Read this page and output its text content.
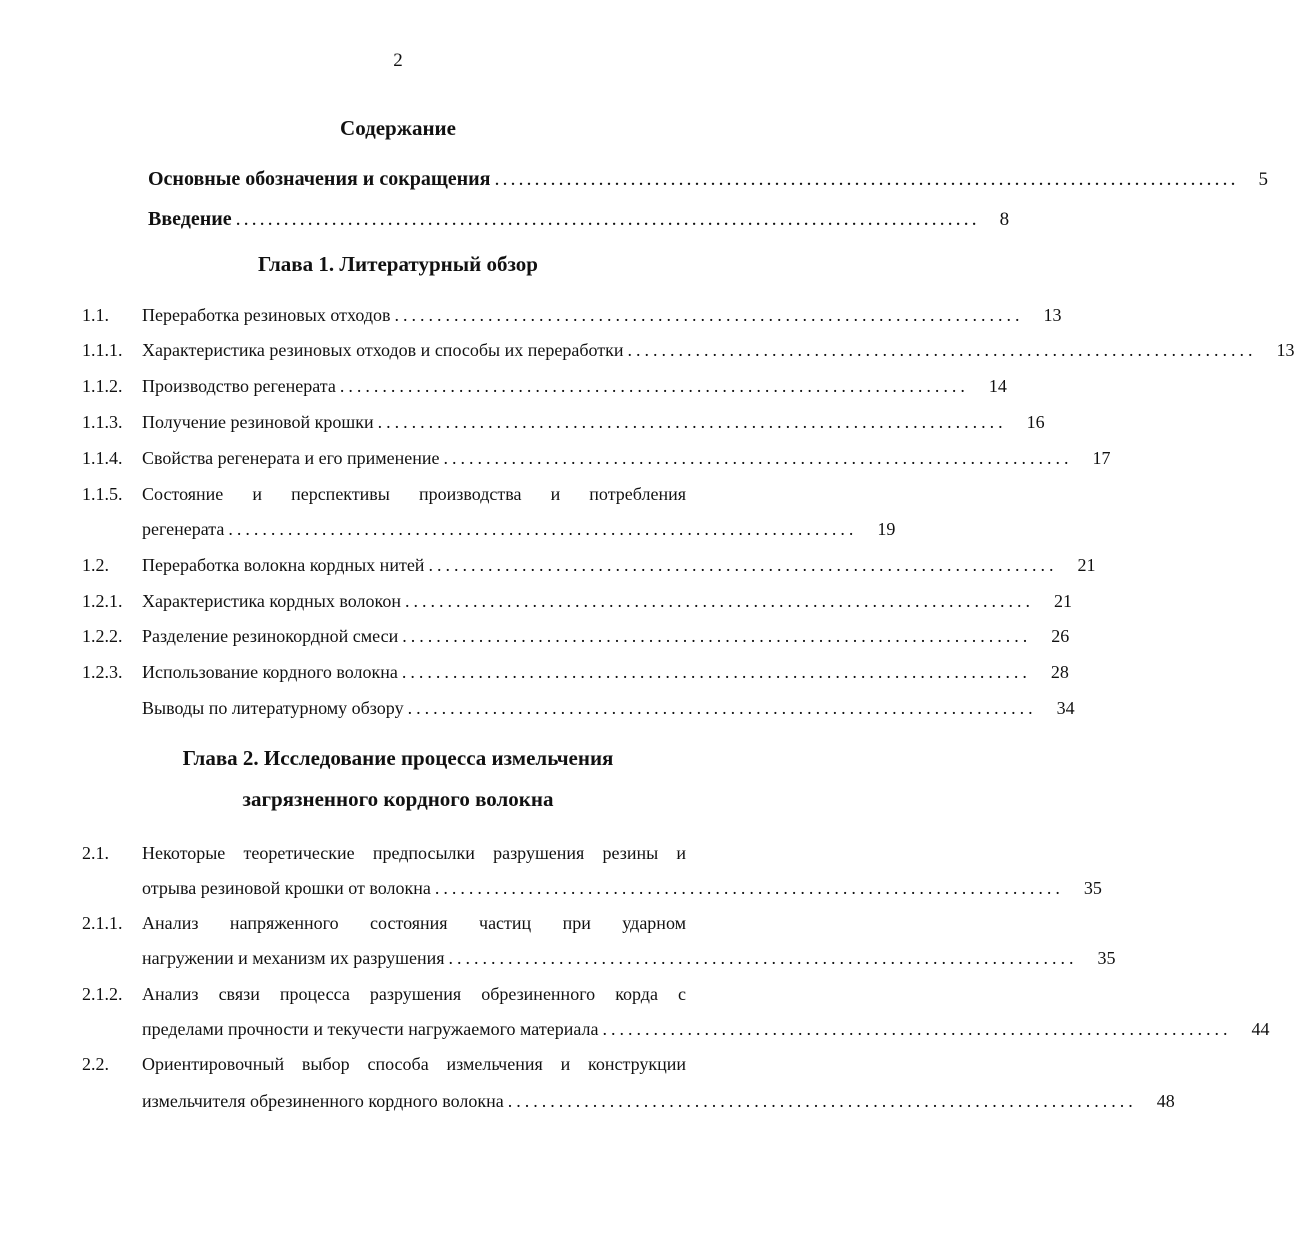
2
Содержание
Основные обозначения и сокращения ............................................................................................. 5
Введение ............................................................................................. 8
Глава 1. Литературный обзор
1.1. Переработка резиновых отходов .......................................................................... 13
1.1.1. Характеристика резиновых отходов и способы их переработки .......................................................................... 13
1.1.2. Производство регенерата .......................................................................... 14
1.1.3. Получение резиновой крошки .......................................................................... 16
1.1.4. Свойства регенерата и его применение .......................................................................... 17
1.1.5. Состояние и перспективы производства и потребления
регенерата .......................................................................... 19
1.2. Переработка волокна кордных нитей .......................................................................... 21
1.2.1. Характеристика кордных волокон .......................................................................... 21
1.2.2. Разделение резинокордной смеси .......................................................................... 26
1.2.3. Использование кордного волокна .......................................................................... 28
Выводы по литературному обзору .......................................................................... 34
Глава 2. Исследование процесса измельчения
загрязненного кордного волокна
2.1. Некоторые теоретические предпосылки разрушения резины и
отрыва резиновой крошки от волокна .......................................................................... 35
2.1.1. Анализ напряженного состояния частиц при ударном
нагружении и механизм их разрушения .......................................................................... 35
2.1.2. Анализ связи процесса разрушения обрезиненного корда с
пределами прочности и текучести нагружаемого материала .......................................................................... 44
2.2. Ориентировочный выбор способа измельчения и конструкции
измельчителя обрезиненного кордного волокна .......................................................................... 48
